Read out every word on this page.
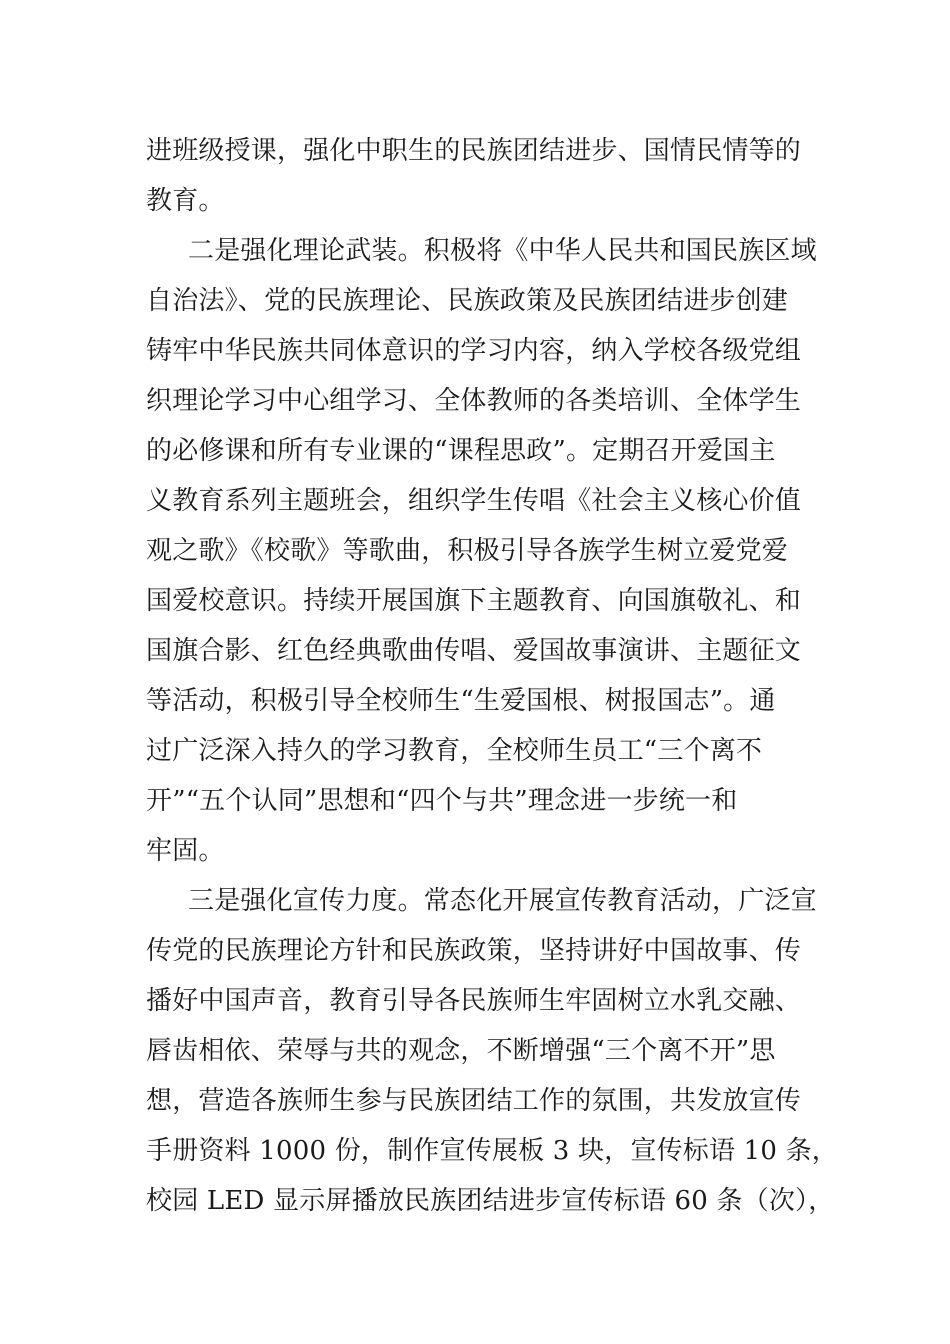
进班级授课，强化中职生的民族团结进步、国情民情等的
教育。
二是强化理论武装。积极将《中华人民共和国民族区域
自治法》、党的民族理论、民族政策及民族团结进步创建
铸牢中华民族共同体意识的学习内容，纳入学校各级党组
织理论学习中心组学习、全体教师的各类培训、全体学生
的必修课和所有专业课的“课程思政”。定期召开爱国主
义教育系列主题班会，组织学生传唱《社会主义核心价值
观之歌》《校歌》等歌曲，积极引导各族学生树立爱党爱
国爱校意识。持续开展国旗下主题教育、向国旗敬礼、和
国旗合影、红色经典歌曲传唱、爱国故事演讲、主题征文
等活动，积极引导全校师生“生爱国根、树报国志”。通
过广泛深入持久的学习教育，全校师生员工“三个离不
开”“五个认同”思想和“四个与共”理念进一步统一和
牢固。
三是强化宣传力度。常态化开展宣传教育活动，广泛宣
传党的民族理论方针和民族政策，坚持讲好中国故事、传
播好中国声音，教育引导各民族师生牢固树立水乳交融、
唇齿相依、荣辱与共的观念，不断增强“三个离不开”思
想，营造各族师生参与民族团结工作的氛围，共发放宣传
手册资料 1000 份，制作宣传展板 3 块，宣传标语 10 条，
校园 LED 显示屏播放民族团结进步宣传标语 60 条（次），
